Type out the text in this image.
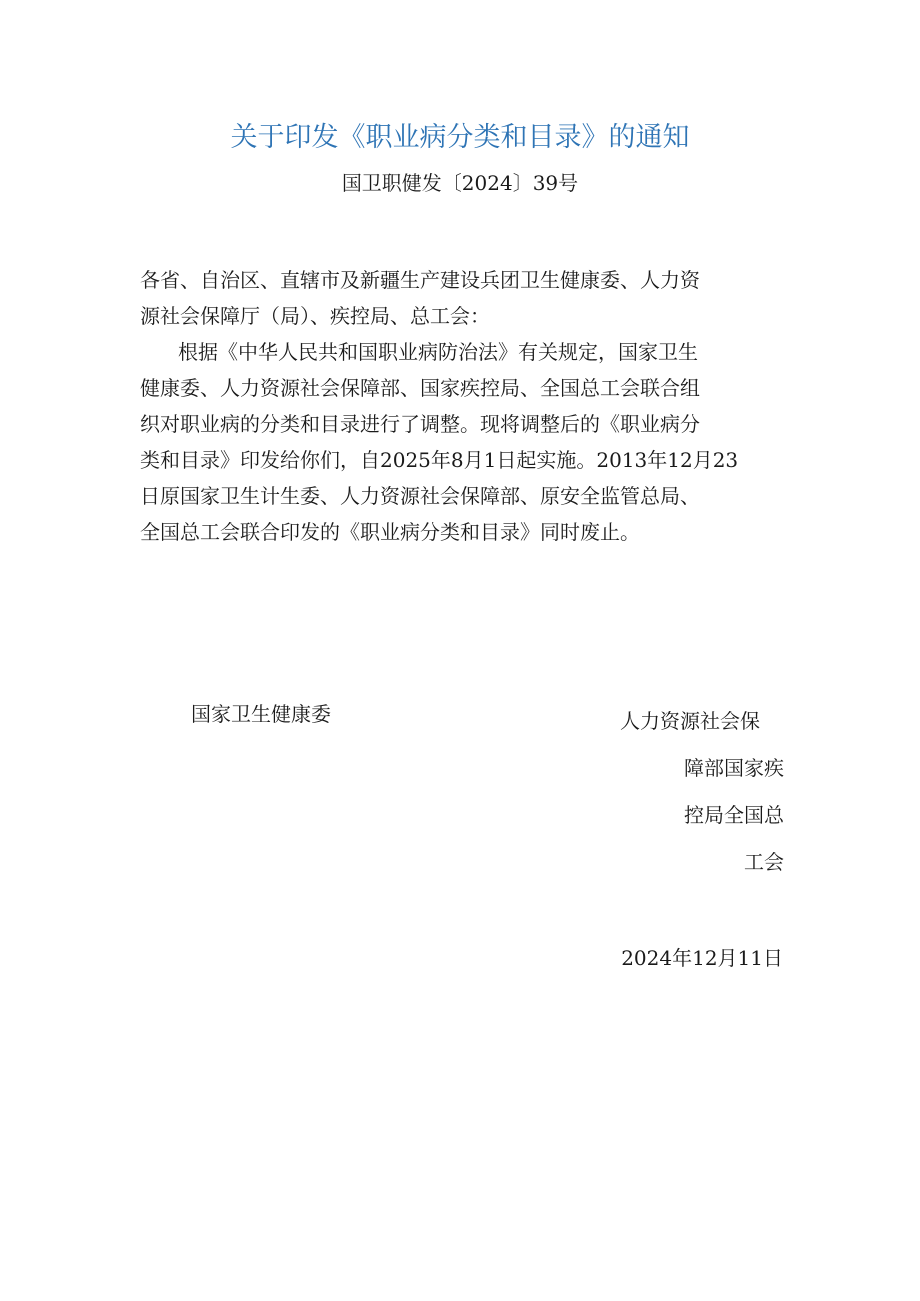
关于印发《职业病分类和目录》的通知
国卫职健发〔2024〕39号
各省、自治区、直辖市及新疆生产建设兵团卫生健康委、人力资
源社会保障厅（局）、疾控局、总工会：
根据《中华人民共和国职业病防治法》有关规定，国家卫生
健康委、人力资源社会保障部、国家疾控局、全国总工会联合组
织对职业病的分类和目录进行了调整。现将调整后的《职业病分
类和目录》印发给你们，自2025年8月1日起实施。2013年12月23
日原国家卫生计生委、人力资源社会保障部、原安全监管总局、
全国总工会联合印发的《职业病分类和目录》同时废止。
国家卫生健康委	人力资源社会保
障部国家疾
控局全国总
工会
2024年12月11日
